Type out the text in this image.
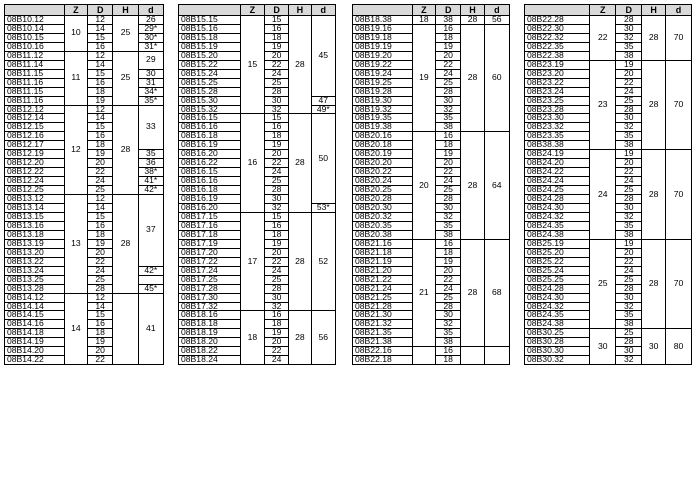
	Z	D	H	d
08B10.12	10	12	25	26
08B10.14		14		29*
08B10.15		15		30*
08B10.16		16		31*
08B11.12	11	12	25	29
08B11.14		14		
08B11.15		15		30
08B11.16		16		31
08B11.15		18		34*
08B11.16		19		35*
08B12.12	12	12	28	33
08B12.14		14		
08B12.15		15		
08B12.16		16		
08B12.17		18		
08B12.19		19		35
08B12.20		20		36
08B12.22		22		38*
08B12.24		24		41*
08B12.25		25		42*
08B13.12	13	12	28	37
08B13.14		14		
08B13.15		15		
08B13.16		16		
08B13.18		18		
08B13.19		19		
08B13.20		20		
08B13.22		22		
08B13.24		24		42*
08B13.25		25		
08B13.28		28		45*
08B14.12	14	12		41
08B14.14		14		
08B14.15		15		
08B14.16		16		
08B14.18		18		
08B14.19		19		
08B14.20		20		
08B14.22		22		
	Z	D	H	d
08B15.15	15	15	28	45
08B15.16		16		
08B15.18		18		
08B15.19		19		
08B15.20		20		
08B15.22		22		
08B15.24		24		
08B15.25		25		
08B15.28		28		
08B15.30		30		47
08B15.32		32		49*
08B16.15	16	15	28	50
08B16.16		16		
08B16.18		18		
08B16.19		19		
08B16.20		20		
08B16.22		22		
08B16.15		24		
08B16.16		25		
08B16.18		28		
08B16.19		30		
08B16.20		32		53*
08B17.15	17	15	28	52
08B17.16		16		
08B17.18		18		
08B17.19		19		
08B17.20		20		
08B17.22		22		
08B17.24		24		
08B17.25		25		
08B17.28		28		
08B17.30		30		
08B17.32		32		
08B18.16	18	16	28	56
08B18.18		18		
08B18.19		19		
08B18.20		20		
08B18.22		22		
08B18.24		24		
	Z	D	H	d
08B18.38	18	38	28	56
08B19.16	19	16	28	60
08B19.18		18		
08B19.19		19		
08B19.20		20		
08B19.22		22		
08B19.24		24		
08B19.25		25		
08B19.28		28		
08B19.30		30		
08B19.32		32		
08B19.35		35		
08B19.38		38		
08B20.16	20	16	28	64
08B20.18		18		
08B20.19		19		
08B20.20		20		
08B20.22		22		
08B20.24		24		
08B20.25		25		
08B20.28		28		
08B20.30		30		
08B20.32		32		
08B20.35		35		
08B20.38		38		
08B21.16	21	16	28	68
08B21.18		18		
08B21.19		19		
08B21.20		20		
08B21.22		22		
08B21.24		24		
08B21.25		25		
08B21.28		28		
08B21.30		30		
08B21.32		32		
08B21.35		35		
08B21.38		38		
08B22.16		16		
08B22.18		18		
	Z	D	H	d
08B22.28	22	28	28	70
08B22.30		30		
08B22.32		32		
08B22.35		35		
08B22.38		38		
08B23.19	23	19	28	70
08B23.20		20		
08B23.22		22		
08B23.24		24		
08B23.25		25		
08B23.28		28		
08B23.30		30		
08B23.32		32		
08B23.35		35		
08B38.38		38		
08B24.19	24	19	28	70
08B24.20		20		
08B24.22		22		
08B24.24		24		
08B24.25		25		
08B24.28		28		
08B24.30		30		
08B24.32		32		
08B24.35		35		
08B24.38		38		
08B25.19	25	19	28	70
08B25.20		20		
08B25.22		22		
08B25.24		24		
08B25.25		25		
08B24.28		28		
08B24.30		30		
08B24.32		32		
08B24.35		35		
08B24.38		38		
08B30.25	30	25	30	80
08B30.28		28		
08B30.30		30		
08B30.32		32		
